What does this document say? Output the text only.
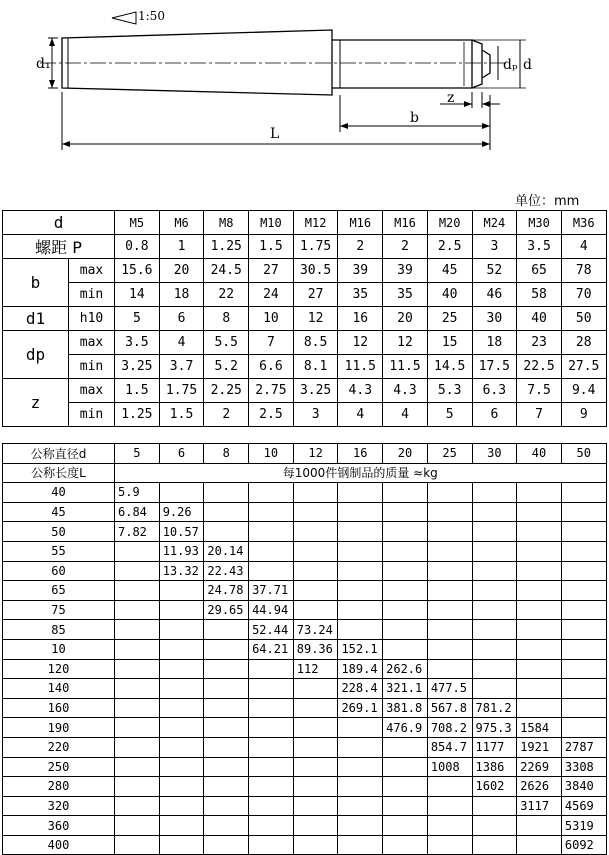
1:50
d₁	dₚ d
z
b
L
单位：mm
d		M5	M6	M8	M10	M12	M16	M16	M20	M24	M30	M36
螺距 P		0.8	1	1.25	1.5	1.75	2	2	2.5	3	3.5	4
b	max	15.6	20	24.5	27	30.5	39	39	45	52	65	78
	min	14	18	22	24	27	35	35	40	46	58	70
d1	h10	5	6	8	10	12	16	20	25	30	40	50
dp	max	3.5	4	5.5	7	8.5	12	12	15	18	23	28
	min	3.25	3.7	5.2	6.6	8.1	11.5	11.5	14.5	17.5	22.5	27.5
z	max	1.5	1.75	2.25	2.75	3.25	4.3	4.3	5.3	6.3	7.5	9.4
	min	1.25	1.5	2	2.5	3	4	4	5	6	7	9
公称直径d	5	6	8	10	12	16	20	25	30	40	50
公称长度L	每1000件钢制品的质量 ≈kg										
40	5.9										
45	6.84	9.26									
50	7.82	10.57									
55		11.93	20.14								
60		13.32	22.43								
65			24.78	37.71							
75			29.65	44.94							
85				52.44	73.24						
10				64.21	89.36	152.1					
120					112	189.4	262.6				
140						228.4	321.1	477.5			
160						269.1	381.8	567.8	781.2		
190							476.9	708.2	975.3	1584	
220								854.7	1177	1921	2787
250								1008	1386	2269	3308
280									1602	2626	3840
320										3117	4569
360											5319
400											6092
